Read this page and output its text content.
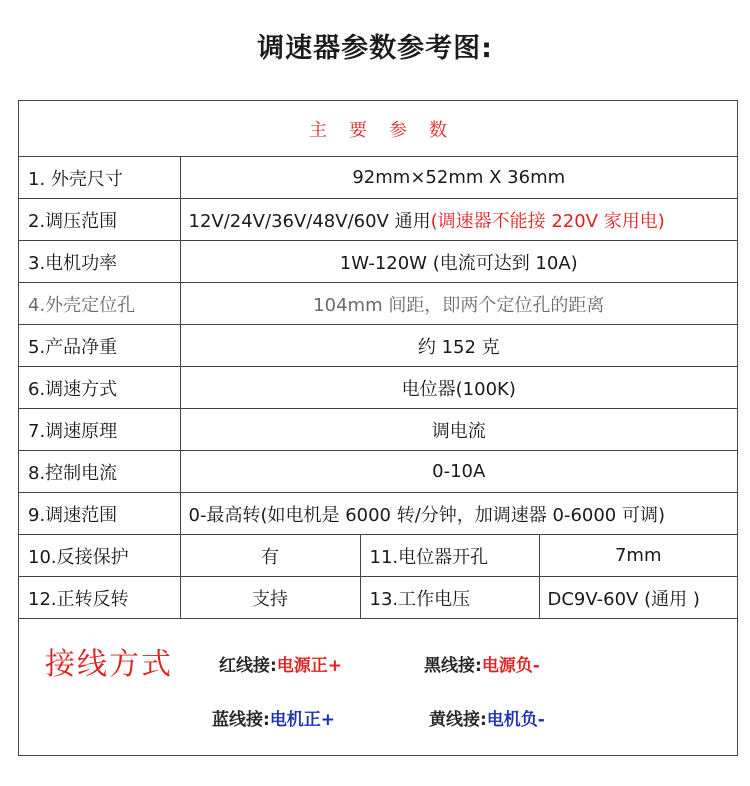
调速器参数参考图:
主要参数			
1. 外壳尺寸	92mm×52mm X 36mm		
2.调压范围	12V/24V/36V/48V/60V 通用(调速器不能接 220V 家用电)		
3.电机功率	1W-120W (电流可达到 10A)		
4.外壳定位孔	104mm 间距，即两个定位孔的距离		
5.产品净重	约 152 克		
6.调速方式	电位器(100K)		
7.调速原理	调电流		
8.控制电流	0-10A		
9.调速范围	0-最高转(如电机是 6000 转/分钟，加调速器 0-6000 可调)		
10.反接保护	有	11.电位器开孔	7mm
12.正转反转	支持	13.工作电压	DC9V-60V (通用 )
接线方式	红线接:电源正+	黑线接:电源负-
蓝线接:电机正+	黄线接:电机负-
